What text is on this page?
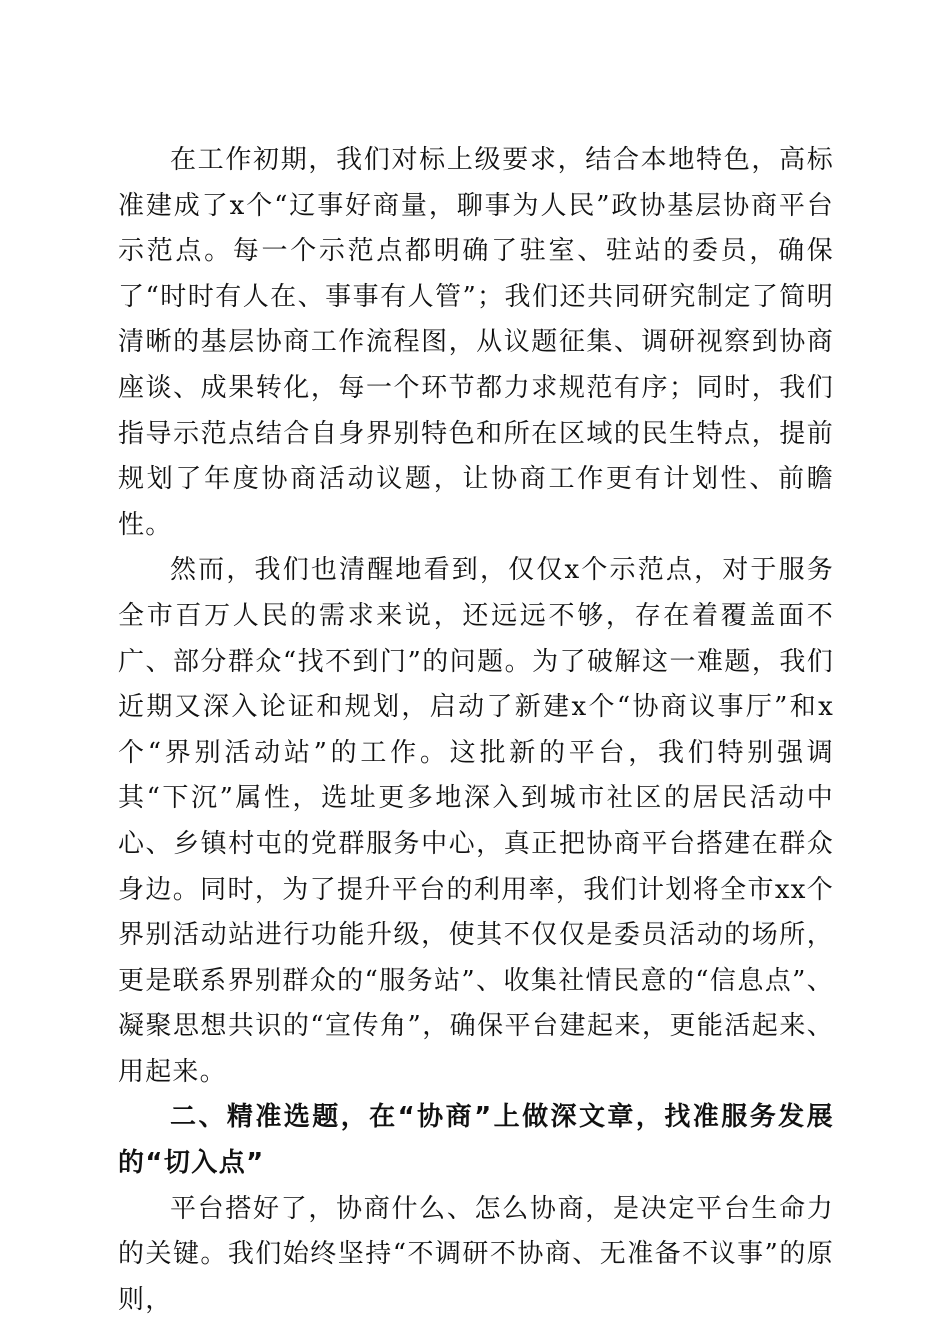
在工作初期，我们对标上级要求，结合本地特色，高标准建成了x个“辽事好商量，聊事为人民”政协基层协商平台示范点。每一个示范点都明确了驻室、驻站的委员，确保了“时时有人在、事事有人管”；我们还共同研究制定了简明清晰的基层协商工作流程图，从议题征集、调研视察到协商座谈、成果转化，每一个环节都力求规范有序；同时，我们指导示范点结合自身界别特色和所在区域的民生特点，提前规划了年度协商活动议题，让协商工作更有计划性、前瞻性。

然而，我们也清醒地看到，仅仅x个示范点，对于服务全市百万人民的需求来说，还远远不够，存在着覆盖面不广、部分群众“找不到门”的问题。为了破解这一难题，我们近期又深入论证和规划，启动了新建x个“协商议事厅”和x个“界别活动站”的工作。这批新的平台，我们特别强调其“下沉”属性，选址更多地深入到城市社区的居民活动中心、乡镇村屯的党群服务中心，真正把协商平台搭建在群众身边。同时，为了提升平台的利用率，我们计划将全市xx个界别活动站进行功能升级，使其不仅仅是委员活动的场所，更是联系界别群众的“服务站”、收集社情民意的“信息点”、凝聚思想共识的“宣传角”，确保平台建起来，更能活起来、用起来。

二、精准选题，在“协商”上做深文章，找准服务发展的“切入点”

平台搭好了，协商什么、怎么协商，是决定平台生命力的关键。我们始终坚持“不调研不协商、无准备不议事”的原则，
